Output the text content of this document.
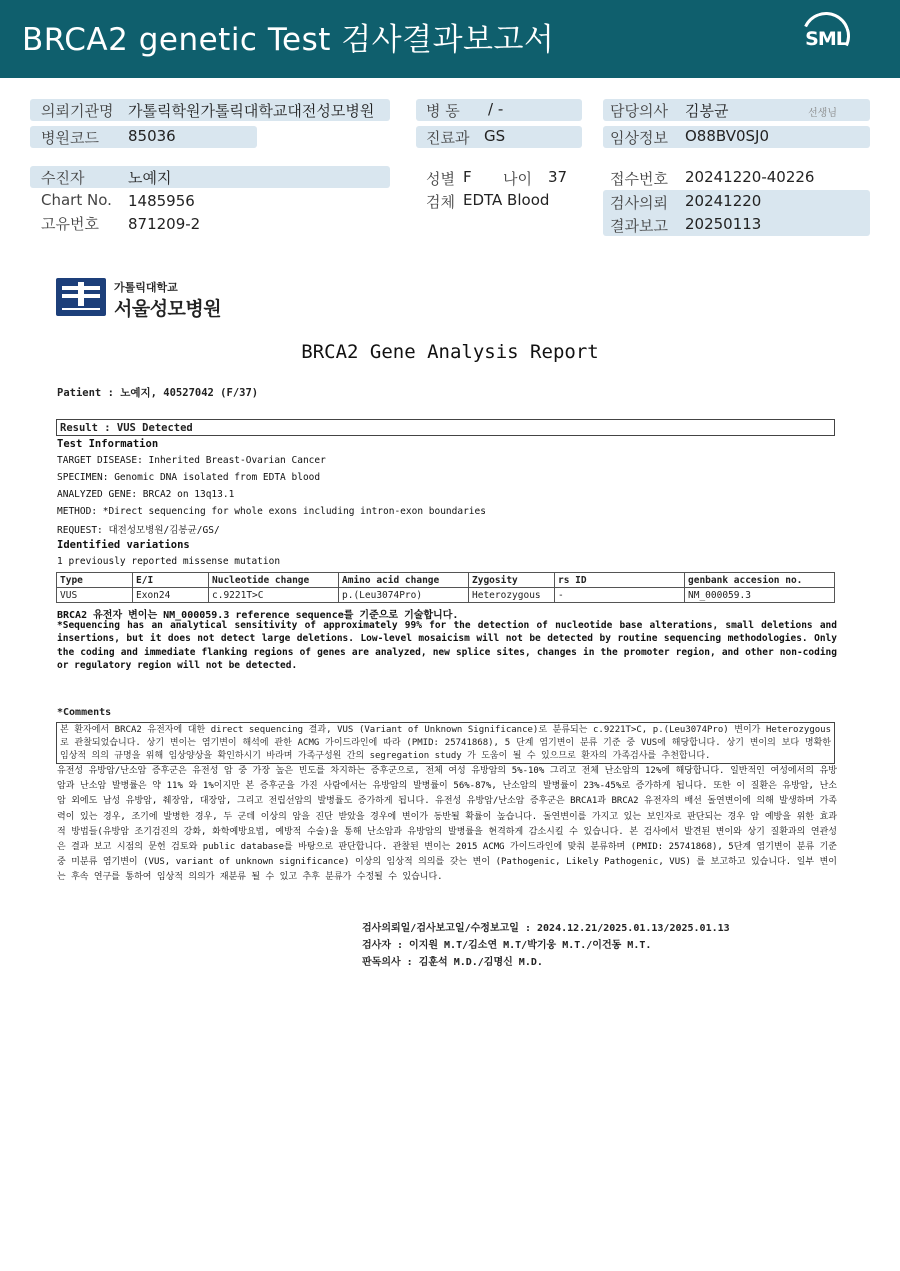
BRCA2 genetic Test 검사결과보고서	SML
의뢰기관명 가톨릭학원가톨릭대학교대전성모병원	병 동 / -	담당의사 김봉균	선생님
병원코드 85036	진료과 GS	임상정보 O88BV0SJ0
수진자	노예지	성별 F 나이 37	접수번호 20241220-40226
Chart No. 1485956	검체 EDTA Blood	검사의뢰 20241220
고유번호 871209-2	결과보고 20250113
가톨릭대학교
서울성모병원
BRCA2 Gene Analysis Report
Patient : 노예지, 40527042 (F/37)
Result : VUS Detected
Test Information
TARGET DISEASE: Inherited Breast-Ovarian Cancer
SPECIMEN: Genomic DNA isolated from EDTA blood
ANALYZED GENE: BRCA2 on 13q13.1
METHOD: *Direct sequencing for whole exons including intron-exon boundaries
REQUEST: 대전성모병원/김봉균/GS/
Identified variations
1 previously reported missense mutation
Type	E/I	Nucleotide change	Amino acid change	Zygosity	rs ID	genbank accesion no.
VUS	Exon24	c.9221T>C	p.(Leu3074Pro)	Heterozygous	-	NM_000059.3
BRCA2 유전자 변이는 NM_000059.3 reference sequence를 기준으로 기술합니다.
*Sequencing has an analytical sensitivity of approximately 99% for the detection of nucleotide base alterations, small deletions and insertions, but it does not detect large deletions. Low-level mosaicism will not be detected by routine sequencing methodologies. Only the coding and immediate flanking regions of genes are analyzed, new splice sites, changes in the promoter region, and other non-coding or regulatory region will not be detected.
*Comments
본 환자에서 BRCA2 유전자에 대한 direct sequencing 결과, VUS (Variant of Unknown Significance)로 분류되는 c.9221T>C, p.(Leu3074Pro) 변이가 Heterozygous로 관찰되었습니다. 상기 변이는 염기변이 해석에 관한 ACMG 가이드라인에 따라 (PMID: 25741868), 5 단계 염기변이 분류 기준 중 VUS에 해당합니다. 상기 변이의 보다 명확한 임상적 의의 규명을 위해 임상양상을 확인하시기 바라며 가족구성원 간의 segregation study 가 도움이 될 수 있으므로 환자의 가족검사를 추천합니다.
유전성 유방암/난소암 증후군은 유전성 암 중 가장 높은 빈도를 차지하는 증후군으로, 전체 여성 유방암의 5%-10% 그리고 전체 난소암의 12%에 해당합니다. 일반적인 여성에서의 유방암과 난소암 발병률은 약 11% 와 1%이지만 본 증후군을 가진 사람에서는 유방암의 발병률이 56%-87%, 난소암의 발병률이 23%-45%로 증가하게 됩니다. 또한 이 질환은 유방암, 난소암 외에도 남성 유방암, 췌장암, 대장암, 그리고 전립선암의 발병률도 증가하게 됩니다. 유전성 유방암/난소암 증후군은 BRCA1과 BRCA2 유전자의 배선 돌연변이에 의해 발생하며 가족력이 있는 경우, 조기에 발병한 경우, 두 군데 이상의 암을 진단 받았을 경우에 변이가 동반될 확률이 높습니다. 돌연변이를 가지고 있는 보인자로 판단되는 경우 암 예방을 위한 효과적 방법들(유방암 조기검진의 강화, 화학예방요법, 예방적 수술)을 통해 난소암과 유방암의 발병률을 현격하게 감소시킬 수 있습니다. 본 검사에서 발견된 변이와 상기 질환과의 연관성은 결과 보고 시점의 문헌 검토와 public database를 바탕으로 판단합니다. 관찰된 변이는 2015 ACMG 가이드라인에 맞춰 분류하며 (PMID: 25741868), 5단계 염기변이 분류 기준 중 미분류 염기변이 (VUS, variant of unknown significance) 이상의 임상적 의의를 갖는 변이 (Pathogenic, Likely Pathogenic, VUS) 를 보고하고 있습니다. 일부 변이는 후속 연구를 통하여 임상적 의의가 재분류 될 수 있고 추후 분류가 수정될 수 있습니다.
검사의뢰일/검사보고일/수정보고일 : 2024.12.21/2025.01.13/2025.01.13
검사자 : 이지원 M.T/김소연 M.T/박기웅 M.T./이건동 M.T.
판독의사 : 김훈석 M.D./김명신 M.D.
